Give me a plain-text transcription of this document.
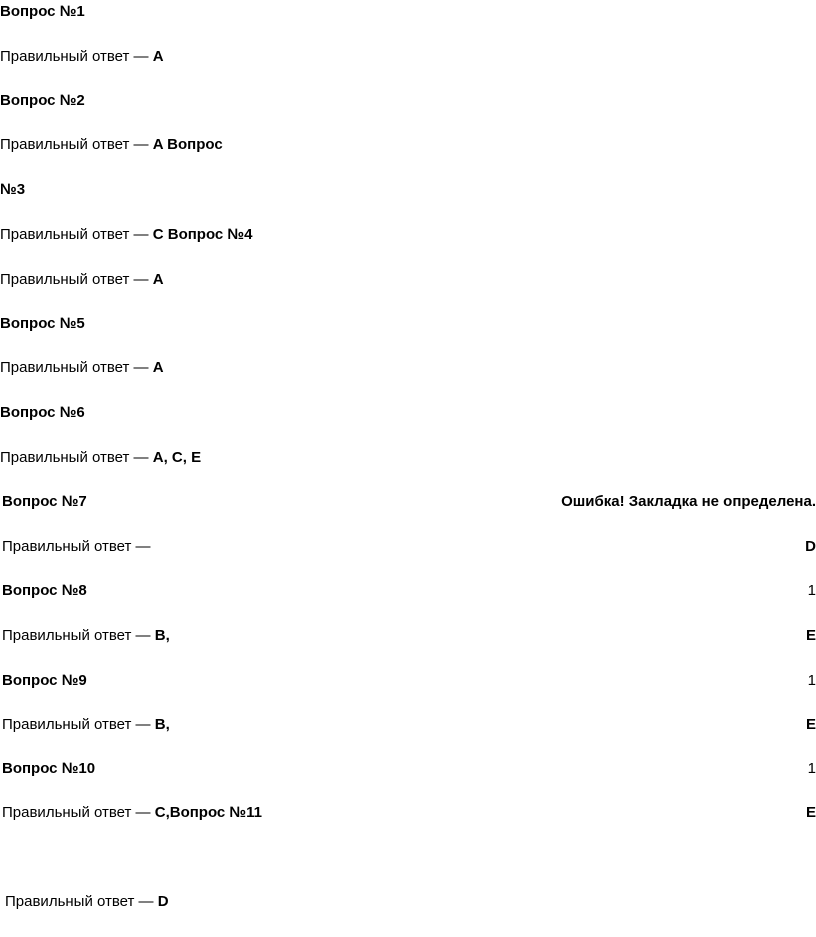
Вопрос №1
Правильный ответ — A
Вопрос №2
Правильный ответ — A Вопрос
№3
Правильный ответ — С Вопрос №4
Правильный ответ — A
Вопрос №5
Правильный ответ — A
Вопрос №6
Правильный ответ — A, C, E
Вопрос №7	Ошибка! Закладка не определена.
Правильный ответ —	D
Вопрос №8	1
Правильный ответ — B,	E
Вопрос №9	1
Правильный ответ — B,	E
Вопрос №10	1
Правильный ответ — C,Вопрос №11	E
Правильный ответ — D
